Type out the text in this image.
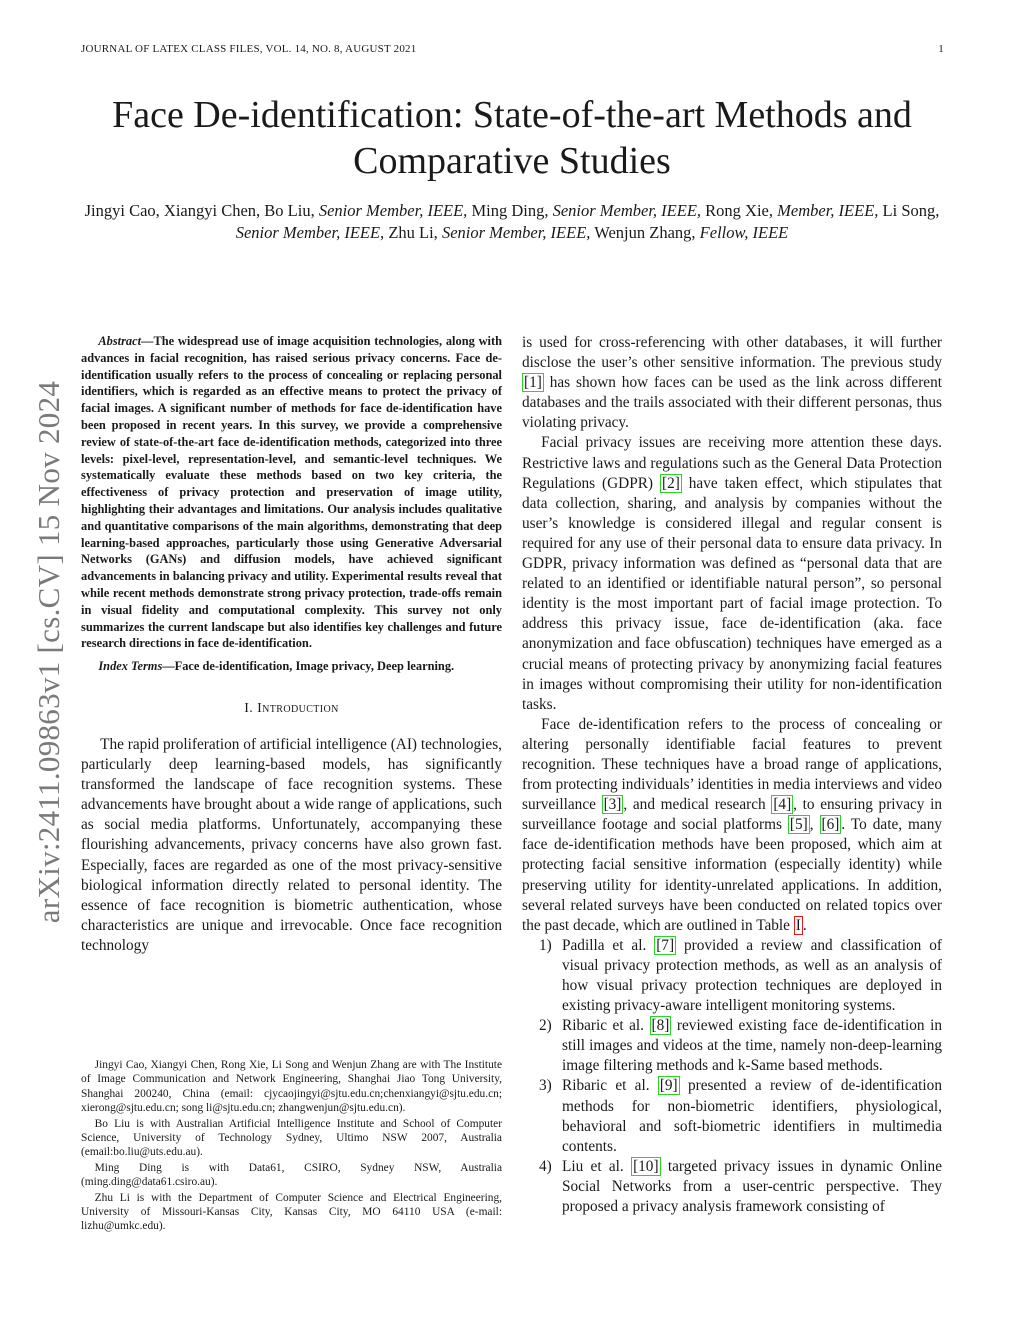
JOURNAL OF LATEX CLASS FILES, VOL. 14, NO. 8, AUGUST 2021	1
Face De-identification: State-of-the-art Methods and Comparative Studies
Jingyi Cao, Xiangyi Chen, Bo Liu, Senior Member, IEEE, Ming Ding, Senior Member, IEEE, Rong Xie, Member, IEEE, Li Song, Senior Member, IEEE, Zhu Li, Senior Member, IEEE, Wenjun Zhang, Fellow, IEEE
arXiv:2411.09863v1 [cs.CV] 15 Nov 2024

Abstract—The widespread use of image acquisition technologies, along with advances in facial recognition, has raised serious privacy concerns. Face de-identification usually refers to the process of concealing or replacing personal identifiers, which is regarded as an effective means to protect the privacy of facial images. A significant number of methods for face de-identification have been proposed in recent years. In this survey, we provide a comprehensive review of state-of-the-art face de-identification methods, categorized into three levels: pixel-level, representation-level, and semantic-level techniques. We systematically evaluate these methods based on two key criteria, the effectiveness of privacy protection and preservation of image utility, highlighting their advantages and limitations. Our analysis includes qualitative and quantitative comparisons of the main algorithms, demonstrating that deep learning-based approaches, particularly those using Generative Adversarial Networks (GANs) and diffusion models, have achieved significant advancements in balancing privacy and utility. Experimental results reveal that while recent methods demonstrate strong privacy protection, trade-offs remain in visual fidelity and computational complexity. This survey not only summarizes the current landscape but also identifies key challenges and future research directions in face de-identification.

Index Terms—Face de-identification, Image privacy, Deep learning.

I. Introduction

The rapid proliferation of artificial intelligence (AI) technologies, particularly deep learning-based models, has significantly transformed the landscape of face recognition systems. These advancements have brought about a wide range of applications, such as social media platforms. Unfortunately, accompanying these flourishing advancements, privacy concerns have also grown fast. Especially, faces are regarded as one of the most privacy-sensitive biological information directly related to personal identity. The essence of face recognition is biometric authentication, whose characteristics are unique and irrevocable. Once face recognition technology

Jingyi Cao, Xiangyi Chen, Rong Xie, Li Song and Wenjun Zhang are with The Institute of Image Communication and Network Engineering, Shanghai Jiao Tong University, Shanghai 200240, China (email: cjycaojingyi@sjtu.edu.cn;chenxiangyi@sjtu.edu.cn; xierong@sjtu.edu.cn; song li@sjtu.edu.cn; zhangwenjun@sjtu.edu.cn).

Bo Liu is with Australian Artificial Intelligence Institute and School of Computer Science, University of Technology Sydney, Ultimo NSW 2007, Australia (email:bo.liu@uts.edu.au).

Ming Ding is with Data61, CSIRO, Sydney NSW, Australia (ming.ding@data61.csiro.au).

Zhu Li is with the Department of Computer Science and Electrical Engineering, University of Missouri-Kansas City, Kansas City, MO 64110 USA (e-mail: lizhu@umkc.edu).

is used for cross-referencing with other databases, it will further disclose the user’s other sensitive information. The previous study [1] has shown how faces can be used as the link across different databases and the trails associated with their different personas, thus violating privacy.

Facial privacy issues are receiving more attention these days. Restrictive laws and regulations such as the General Data Protection Regulations (GDPR) [2] have taken effect, which stipulates that data collection, sharing, and analysis by companies without the user’s knowledge is considered illegal and regular consent is required for any use of their personal data to ensure data privacy. In GDPR, privacy information was defined as “personal data that are related to an identified or identifiable natural person”, so personal identity is the most important part of facial image protection. To address this privacy issue, face de-identification (aka. face anonymization and face obfuscation) techniques have emerged as a crucial means of protecting privacy by anonymizing facial features in images without compromising their utility for non-identification tasks.

Face de-identification refers to the process of concealing or altering personally identifiable facial features to prevent recognition. These techniques have a broad range of applications, from protecting individuals’ identities in media interviews and video surveillance [3] , and medical research [4] , to ensuring privacy in surveillance footage and social platforms [5] , [6] . To date, many face de-identification methods have been proposed, which aim at protecting facial sensitive information (especially identity) while preserving utility for identity-unrelated applications. In addition, several related surveys have been conducted on related topics over the past decade, which are outlined in Table I .

1) Padilla et al. [7] provided a review and classification of visual privacy protection methods, as well as an analysis of how visual privacy protection techniques are deployed in existing privacy-aware intelligent monitoring systems.
2) Ribaric et al. [8] reviewed existing face de-identification in still images and videos at the time, namely non-deep-learning image filtering methods and k-Same based methods.
3) Ribaric et al. [9] presented a review of de-identification methods for non-biometric identifiers, physiological, behavioral and soft-biometric identifiers in multimedia contents.
4) Liu et al. [10] targeted privacy issues in dynamic Online Social Networks from a user-centric perspective. They proposed a privacy analysis framework consisting of
